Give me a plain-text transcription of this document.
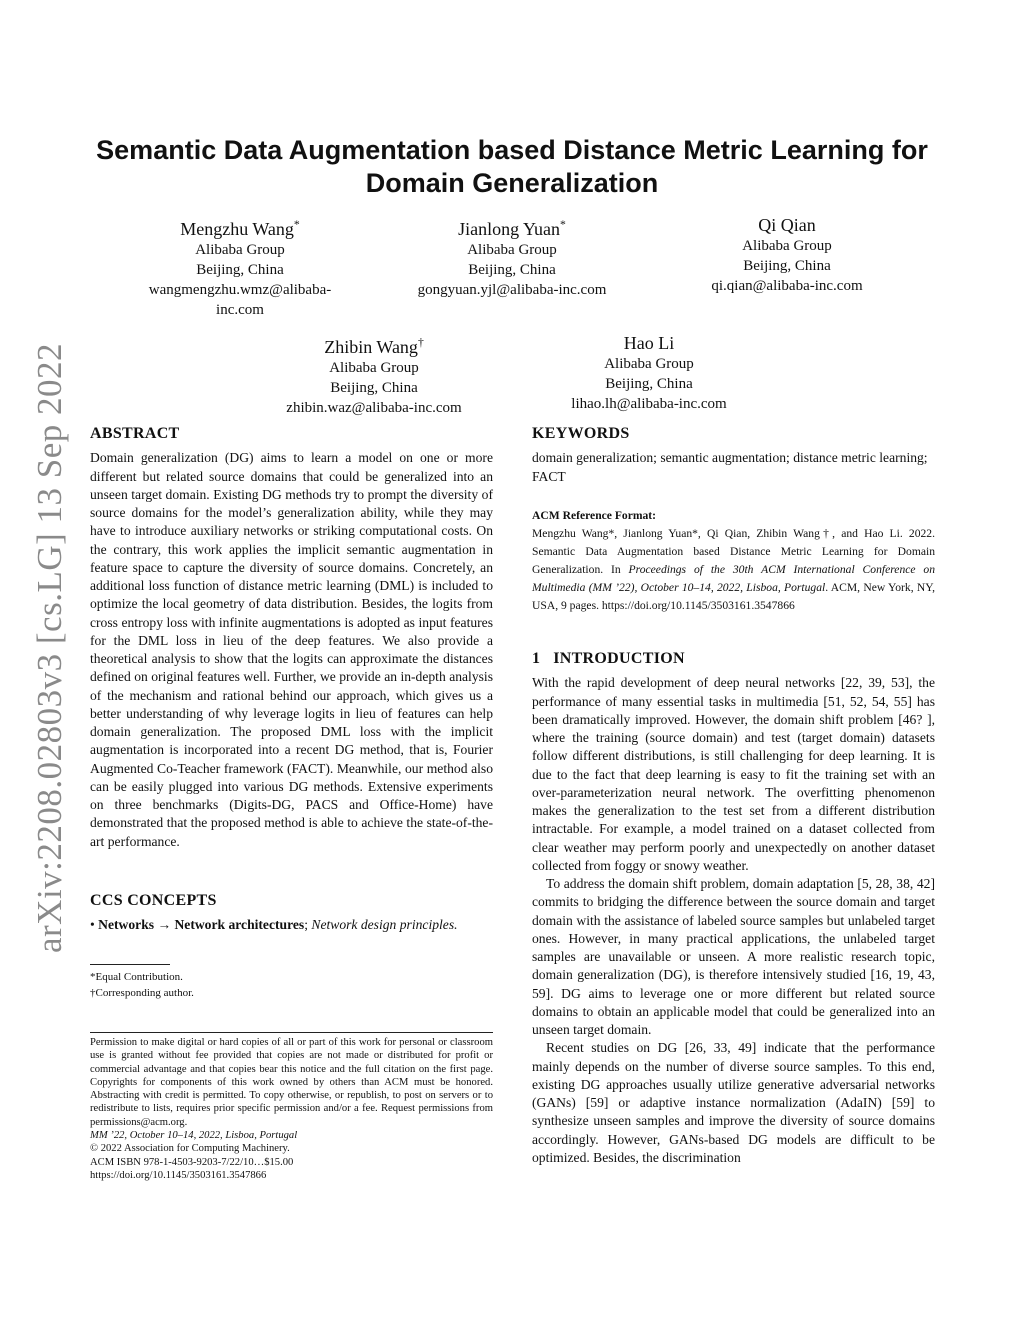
arXiv:2208.02803v3 [cs.LG] 13 Sep 2022
Semantic Data Augmentation based Distance Metric Learning for Domain Generalization
Mengzhu Wang*
Alibaba Group
Beijing, China
wangmengzhu.wmz@alibaba-inc.com
Jianlong Yuan*
Alibaba Group
Beijing, China
gongyuan.yjl@alibaba-inc.com
Qi Qian
Alibaba Group
Beijing, China
qi.qian@alibaba-inc.com
Zhibin Wang†
Alibaba Group
Beijing, China
zhibin.waz@alibaba-inc.com
Hao Li
Alibaba Group
Beijing, China
lihao.lh@alibaba-inc.com
ABSTRACT

Domain generalization (DG) aims to learn a model on one or more different but related source domains that could be generalized into an unseen target domain. Existing DG methods try to prompt the diversity of source domains for the model’s generalization ability, while they may have to introduce auxiliary networks or striking computational costs. On the contrary, this work applies the implicit semantic augmentation in feature space to capture the diversity of source domains. Concretely, an additional loss function of distance metric learning (DML) is included to optimize the local geometry of data distribution. Besides, the logits from cross entropy loss with infinite augmentations is adopted as input features for the DML loss in lieu of the deep features. We also provide a theoretical analysis to show that the logits can approximate the distances defined on original features well. Further, we provide an in-depth analysis of the mechanism and rational behind our approach, which gives us a better understanding of why leverage logits in lieu of features can help domain generalization. The proposed DML loss with the implicit augmentation is incorporated into a recent DG method, that is, Fourier Augmented Co-Teacher framework (FACT). Meanwhile, our method also can be easily plugged into various DG methods. Extensive experiments on three benchmarks (Digits-DG, PACS and Office-Home) have demonstrated that the proposed method is able to achieve the state-of-the-art performance.

CCS CONCEPTS

• Networks → Network architectures; Network design principles.

*Equal Contribution.
†Corresponding author.

Permission to make digital or hard copies of all or part of this work for personal or classroom use is granted without fee provided that copies are not made or distributed for profit or commercial advantage and that copies bear this notice and the full citation on the first page. Copyrights for components of this work owned by others than ACM must be honored. Abstracting with credit is permitted. To copy otherwise, or republish, to post on servers or to redistribute to lists, requires prior specific permission and/or a fee. Request permissions from permissions@acm.org.

MM ’22, October 10–14, 2022, Lisboa, Portugal

© 2022 Association for Computing Machinery.

ACM ISBN 978-1-4503-9203-7/22/10…$15.00

https://doi.org/10.1145/3503161.3547866

KEYWORDS

domain generalization; semantic augmentation; distance metric learning; FACT

ACM Reference Format:

Mengzhu Wang*, Jianlong Yuan*, Qi Qian, Zhibin Wang†, and Hao Li. 2022. Semantic Data Augmentation based Distance Metric Learning for Domain Generalization. In Proceedings of the 30th ACM International Conference on Multimedia (MM ’22), October 10–14, 2022, Lisboa, Portugal. ACM, New York, NY, USA, 9 pages. https://doi.org/10.1145/3503161.3547866

1   INTRODUCTION

With the rapid development of deep neural networks [22, 39, 53], the performance of many essential tasks in multimedia [51, 52, 54, 55] has been dramatically improved. However, the domain shift problem [46? ], where the training (source domain) and test (target domain) datasets follow different distributions, is still challenging for deep learning. It is due to the fact that deep learning is easy to fit the training set with an over-parameterization neural network. The overfitting phenomenon makes the generalization to the test set from a different distribution intractable. For example, a model trained on a dataset collected from clear weather may perform poorly and unexpectedly on another dataset collected from foggy or snowy weather.

To address the domain shift problem, domain adaptation [5, 28, 38, 42] commits to bridging the difference between the source domain and target domain with the assistance of labeled source samples but unlabeled target ones. However, in many practical applications, the unlabeled target samples are unavailable or unseen. A more realistic research topic, domain generalization (DG), is therefore intensively studied [16, 19, 43, 59]. DG aims to leverage one or more different but related source domains to obtain an applicable model that could be generalized into an unseen target domain.

Recent studies on DG [26, 33, 49] indicate that the performance mainly depends on the number of diverse source samples. To this end, existing DG approaches usually utilize generative adversarial networks (GANs) [59] or adaptive instance normalization (AdaIN) [59] to synthesize unseen samples and improve the diversity of source domains accordingly. However, GANs-based DG models are difficult to be optimized. Besides, the discrimination
